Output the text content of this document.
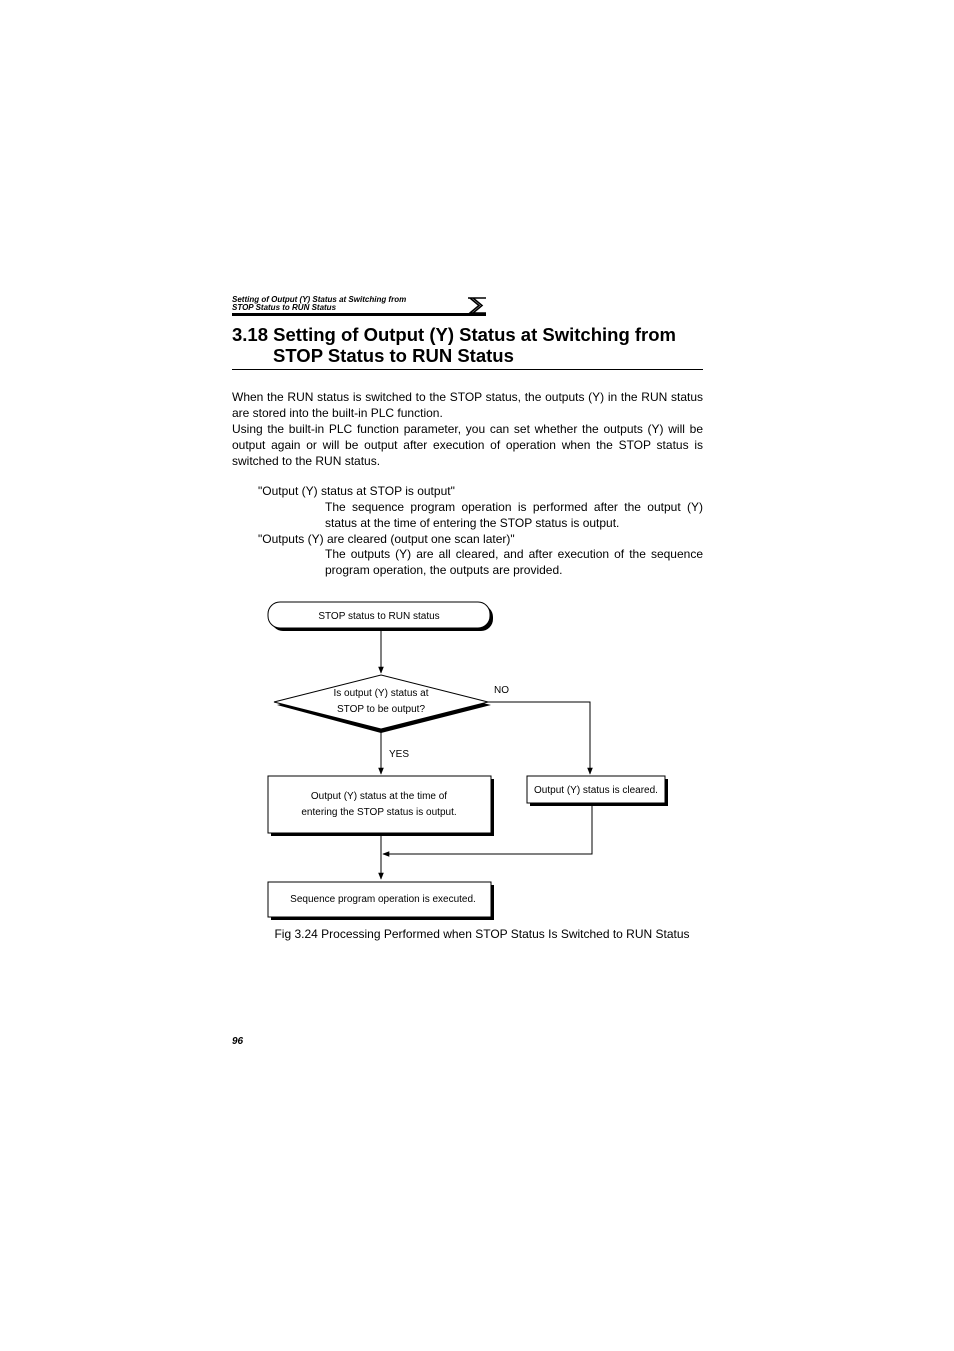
Setting of Output (Y) Status at Switching from
STOP Status to RUN Status
3.18 Setting of Output (Y) Status at Switching from
STOP Status to RUN Status
When the RUN status is switched to the STOP status, the outputs (Y) in the RUN status are stored into the built-in PLC function.
Using the built-in PLC function parameter, you can set whether the outputs (Y) will be output again or will be output after execution of operation when the STOP status is switched to the RUN status.
"Output (Y) status at STOP is output"
The sequence program operation is performed after the output (Y) status at the time of entering the STOP status is output.
"Outputs (Y) are cleared (output one scan later)"
The outputs (Y) are all cleared, and after execution of the sequence program operation, the outputs are provided.
STOP status to RUN status
Is output (Y) status at
STOP to be output?
NO
YES
Output (Y) status at the time of
entering the STOP status is output.
Output (Y) status is cleared.
Sequence program operation is executed.
Fig 3.24 Processing Performed when STOP Status Is Switched to RUN Status
96
